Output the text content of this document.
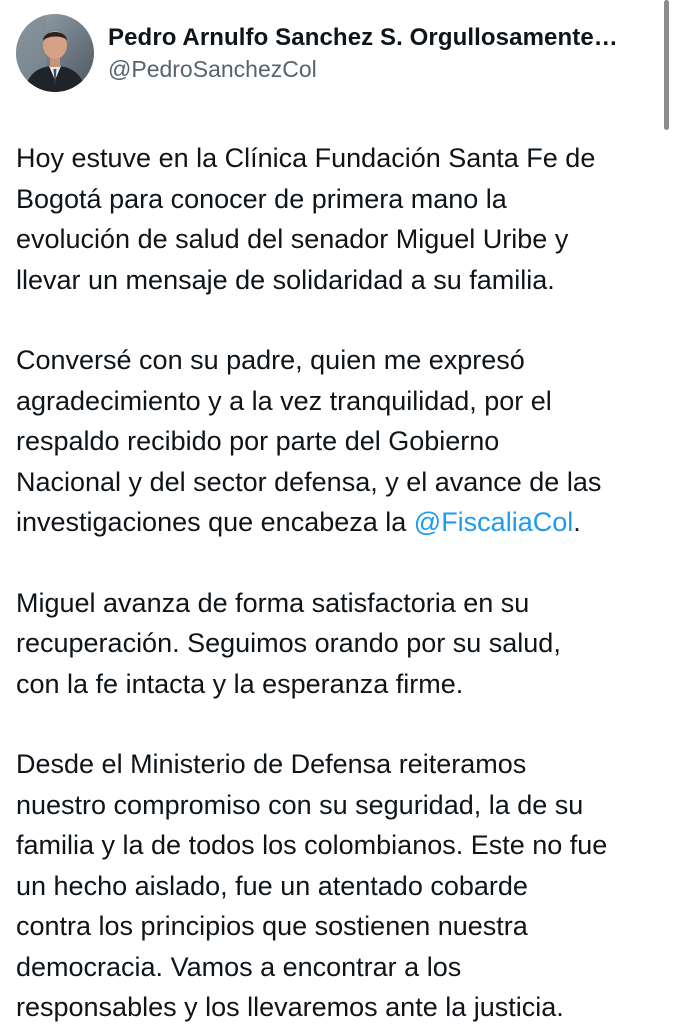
Pedro Arnulfo Sanchez S. Orgullosamente…
@PedroSanchezCol
Hoy estuve en la Clínica Fundación Santa Fe de
Bogotá para conocer de primera mano la
evolución de salud del senador Miguel Uribe y
llevar un mensaje de solidaridad a su familia.
Conversé con su padre, quien me expresó
agradecimiento y a la vez tranquilidad, por el
respaldo recibido por parte del Gobierno
Nacional y del sector defensa, y el avance de las
investigaciones que encabeza la @FiscaliaCol.
Miguel avanza de forma satisfactoria en su
recuperación. Seguimos orando por su salud,
con la fe intacta y la esperanza firme.
Desde el Ministerio de Defensa reiteramos
nuestro compromiso con su seguridad, la de su
familia y la de todos los colombianos. Este no fue
un hecho aislado, fue un atentado cobarde
contra los principios que sostienen nuestra
democracia. Vamos a encontrar a los
responsables y los llevaremos ante la justicia.
